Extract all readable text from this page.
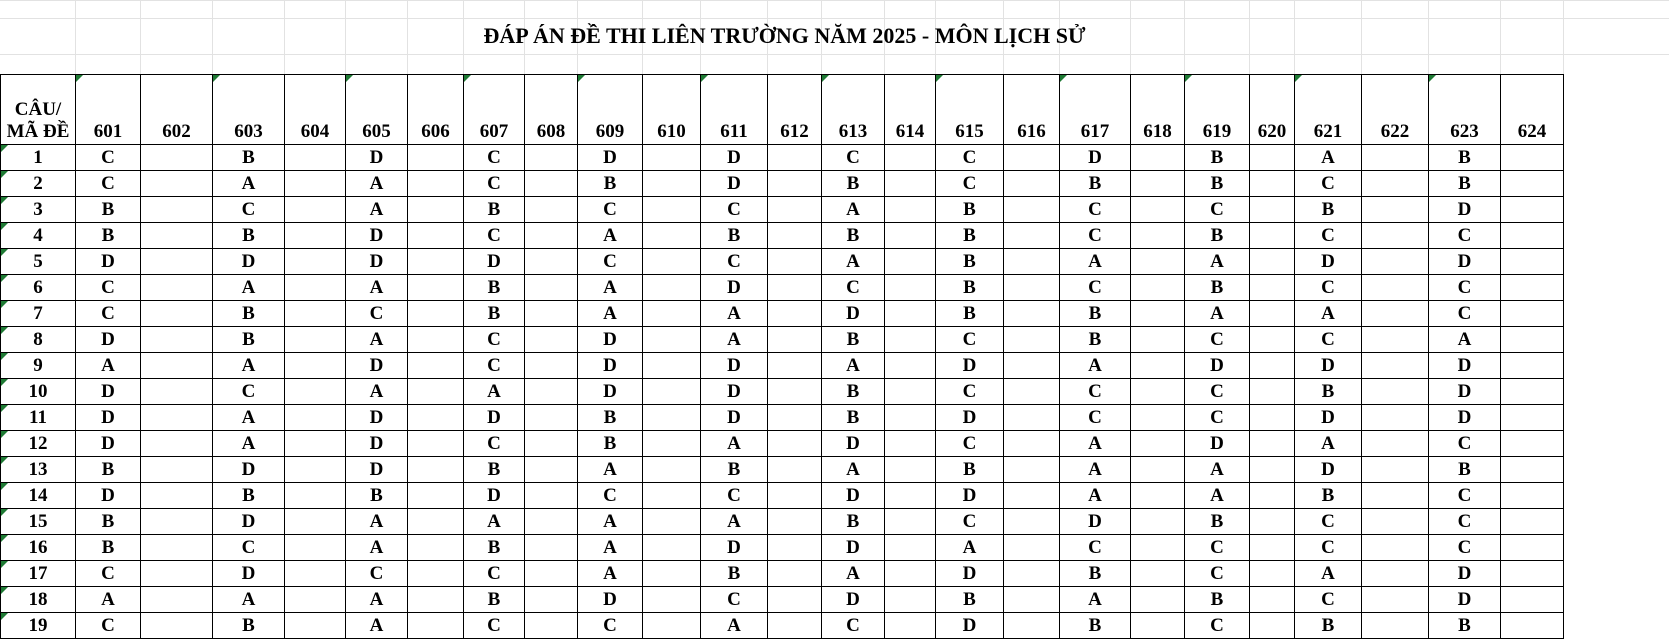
ĐÁP ÁN ĐỀ THI LIÊN TRƯỜNG NĂM 2025 - MÔN LỊCH SỬ
CÂU/
MÃ ĐỀ	601	602	603	604	605	606	607	608	609	610	611	612	613	614	615	616	617	618	619	620	621	622	623	624
1	C		B		D		C		D		D		C		C		D		B		A		B	
2	C		A		A		C		B		D		B		C		B		B		C		B	
3	B		C		A		B		C		C		A		B		C		C		B		D	
4	B		B		D		C		A		B		B		B		C		B		C		C	
5	D		D		D		D		C		C		A		B		A		A		D		D	
6	C		A		A		B		A		D		C		B		C		B		C		C	
7	C		B		C		B		A		A		D		B		B		A		A		C	
8	D		B		A		C		D		A		B		C		B		C		C		A	
9	A		A		D		C		D		D		A		D		A		D		D		D	
10	D		C		A		A		D		D		B		C		C		C		B		D	
11	D		A		D		D		B		D		B		D		C		C		D		D	
12	D		A		D		C		B		A		D		C		A		D		A		C	
13	B		D		D		B		A		B		A		B		A		A		D		B	
14	D		B		B		D		C		C		D		D		A		A		B		C	
15	B		D		A		A		A		A		B		C		D		B		C		C	
16	B		C		A		B		A		D		D		A		C		C		C		C	
17	C		D		C		C		A		B		A		D		B		C		A		D	
18	A		A		A		B		D		C		D		B		A		B		C		D	
19	C		B		A		C		C		A		C		D		B		C		B		B	
